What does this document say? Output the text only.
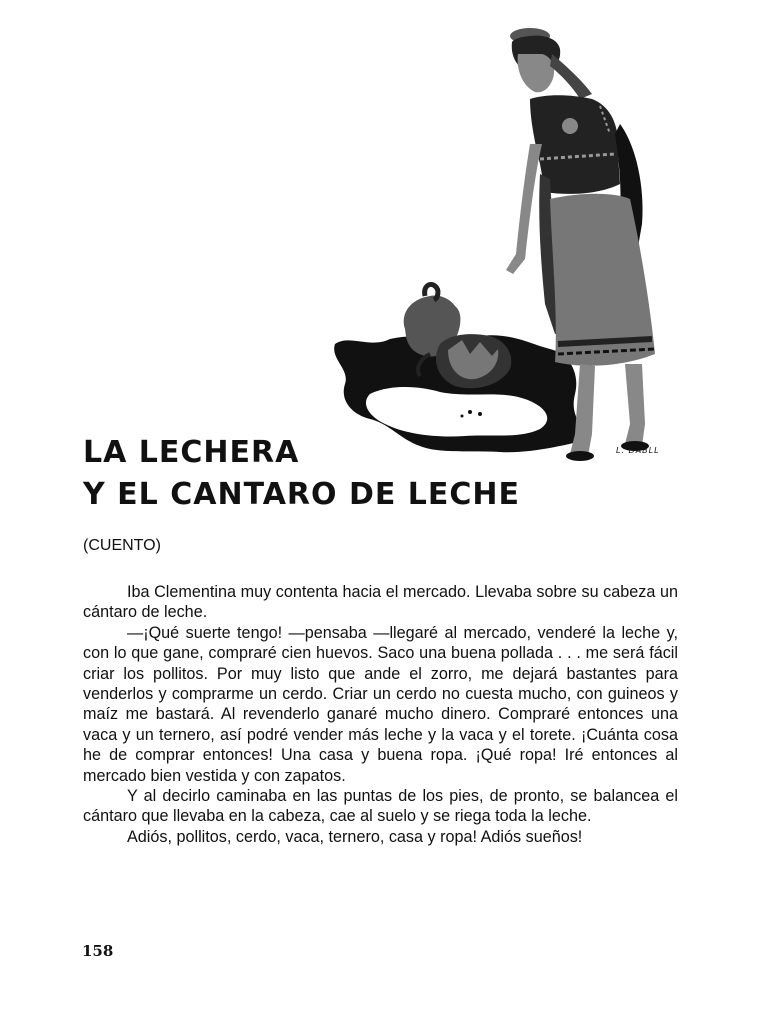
L. DABLL
LA LECHERA
Y EL CANTARO DE LECHE
(CUENTO)

Iba Clementina muy contenta hacia el mercado. Llevaba sobre su cabeza un cántaro de leche.

—¡Qué suerte tengo! —pensaba —llegaré al mercado, venderé la leche y, con lo que gane, compraré cien huevos. Saco una buena pollada . . . me será fácil criar los pollitos. Por muy listo que ande el zorro, me dejará bastantes para venderlos y comprarme un cerdo. Criar un cerdo no cuesta mucho, con guineos y maíz me bastará. Al revenderlo ganaré mucho dinero. Compraré entonces una vaca y un ternero, así podré vender más leche y la vaca y el torete. ¡Cuánta cosa he de comprar entonces! Una casa y buena ropa. ¡Qué ropa! Iré entonces al mercado bien vestida y con zapatos.

Y al decirlo caminaba en las puntas de los pies, de pronto, se balancea el cántaro que llevaba en la cabeza, cae al suelo y se riega toda la leche.

Adiós, pollitos, cerdo, vaca, ternero, casa y ropa! Adiós sueños!

158
